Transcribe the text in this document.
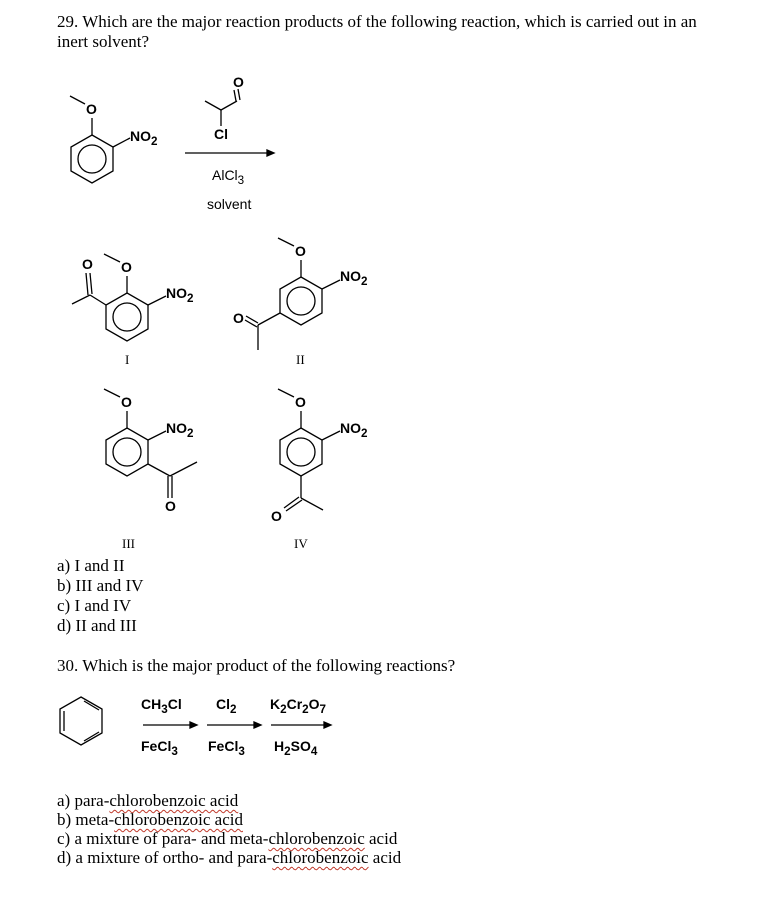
29. Which are the major reaction products of the following reaction, which is carried out in an
inert solvent?
O
Cl
AlCl$_3$
solvent
O
$NO_2$
O
$NO_2$
O
I
O
$NO_2$
O
II
O
$NO_2$
O
III
O
$NO_2$
O
IV
a) I and II
b) III and IV
c) I and IV
d) II and III
30. Which is the major product of the following reactions?
$CH_3Cl$
FeCl$_3$
$Cl_2$
FeCl$_3$
$K_2Cr_2O_7$
$H_2SO_4$
a) para-chlorobenzoic acid
b) meta-chlorobenzoic acid
c) a mixture of para- and meta-chlorobenzoic acid
d) a mixture of ortho- and para-chlorobenzoic acid
